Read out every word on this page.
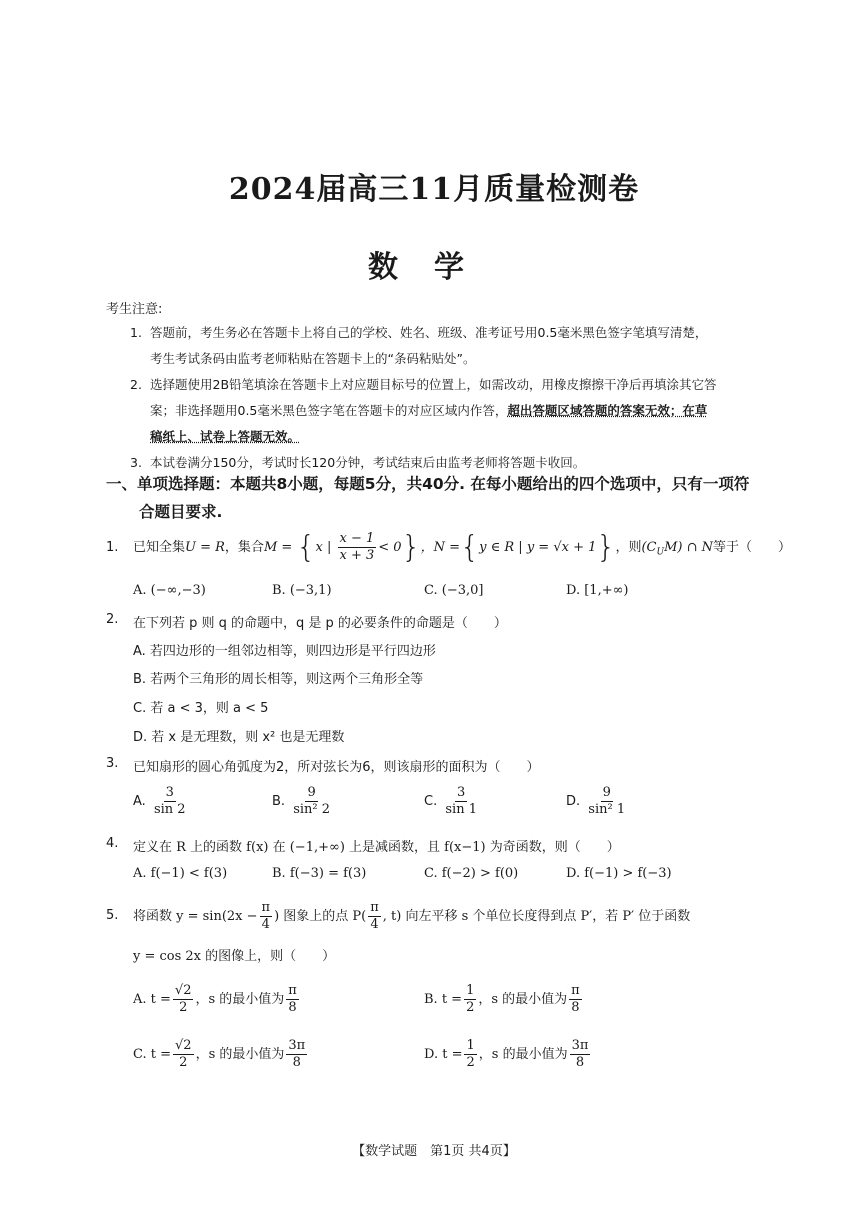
2024届高三11月质量检测卷
数学
考生注意:
1. 答题前，考生务必在答题卡上将自己的学校、姓名、班级、准考证号用0.5毫米黑色签字笔填写清楚，
考生考试条码由监考老师粘贴在答题卡上的“条码粘贴处”。
2. 选择题使用2B铅笔填涂在答题卡上对应题目标号的位置上，如需改动，用橡皮擦擦干净后再填涂其它答
案；非选择题用0.5毫米黑色签字笔在答题卡的对应区域内作答，超出答题区域答题的答案无效；在草
稿纸上、试卷上答题无效。
3. 本试卷满分150分，考试时长120分钟，考试结束后由监考老师将答题卡收回。
一、单项选择题：本题共8小题，每题5分，共40分. 在每小题给出的四个选项中，只有一项符
合题目要求.
1. 已知全集U = R，集合M = {x | $\frac{x - 1}{x + 3} < 0$}，N ={y ∈ R | y = √x + 1}，则$(C_UM)$ ∩ N等于（　　）
A. (−∞,−3)	B. (−3,1)	C. (−3,0]	D. [1,+∞)
2. 在下列若 p 则 q 的命题中，q 是 p 的必要条件的命题是（　　）
A. 若四边形的一组邻边相等，则四边形是平行四边形
B. 若两个三角形的周长相等，则这两个三角形全等
C. 若 a < 3，则 a < 5
D. 若 x 是无理数，则 x² 也是无理数
3. 已知扇形的圆心角弧度为2，所对弦长为6，则该扇形的面积为（　　）
A. $\frac{3}{\sin 2}$	B. $\frac{9}{\text{sin² 2}}$	C. $\frac{3}{\sin 1}$	D. $\frac{9}{\text{sin² 1}}$
4. 定义在 R 上的函数 f(x) 在 (−1,+∞) 上是减函数，且 f(x−1) 为奇函数，则（　　）
A. f(−1) < f(3)	B. f(−3) = f(3)	C. f(−2) > f(0)	D. f(−1) > f(−3)
5. 将函数 $y = \sin(2x - \frac{\pi}{4}$ ) 图象上的点 $P( \frac{\pi}{4}$ , t) 向左平移 s 个单位长度得到点 P′，若 P′ 位于函数
y = cos 2x 的图像上，则（　　）
A. $t = \frac{√2}{2}$ ，s 的最小值为 $\frac{\pi}{8}$	B. $t = \frac{1}{2}$ ，s 的最小值为 $\frac{\pi}{8}$
C. $t = \frac{√2}{2}$ ，s 的最小值为 $\frac{3\pi}{8}$	D. $t = \frac{1}{2}$ ，s 的最小值为 $\frac{3\pi}{8}$
【数学试题　第1页 共4页】
